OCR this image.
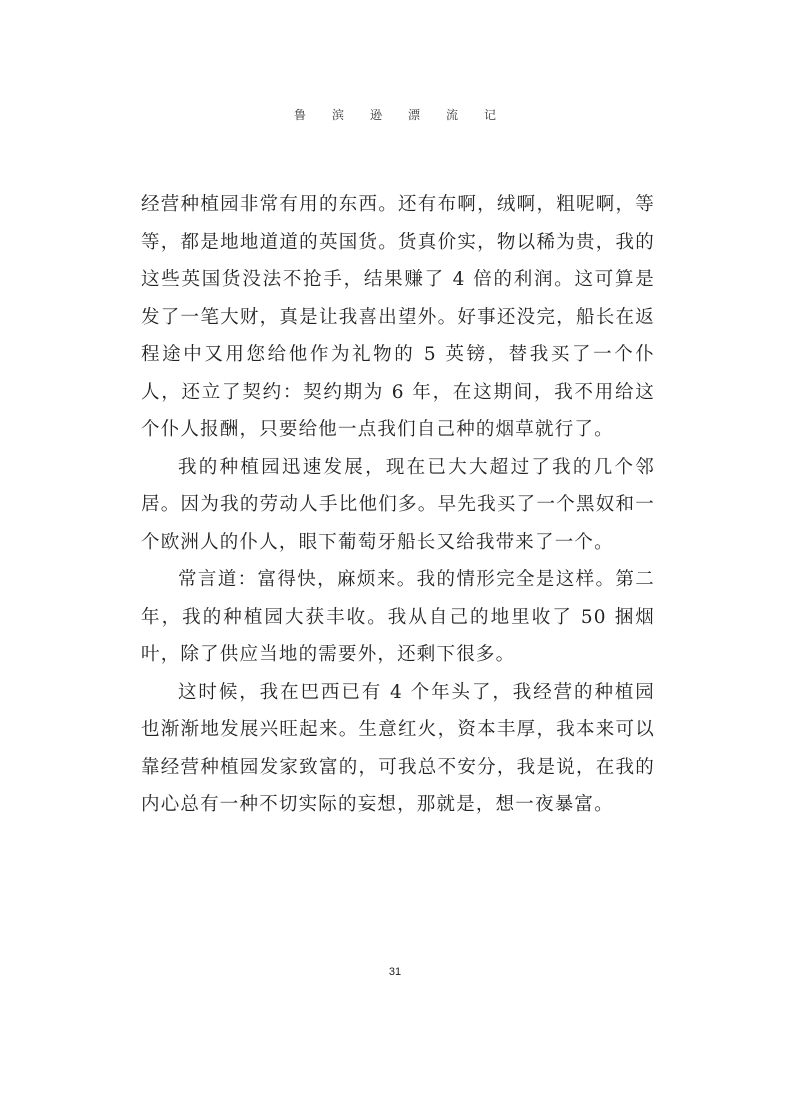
鲁滨逊漂流记

经营种植园非常有用的东西。还有布啊，绒啊，粗呢啊，等等，都是地地道道的英国货。货真价实，物以稀为贵，我的这些英国货没法不抢手，结果赚了 4 倍的利润。这可算是发了一笔大财，真是让我喜出望外。好事还没完，船长在返程途中又用您给他作为礼物的 5 英镑，替我买了一个仆人，还立了契约：契约期为 6 年，在这期间，我不用给这个仆人报酬，只要给他一点我们自己种的烟草就行了。

我的种植园迅速发展，现在已大大超过了我的几个邻居。因为我的劳动人手比他们多。早先我买了一个黑奴和一个欧洲人的仆人，眼下葡萄牙船长又给我带来了一个。

常言道：富得快，麻烦来。我的情形完全是这样。第二年，我的种植园大获丰收。我从自己的地里收了 50 捆烟叶，除了供应当地的需要外，还剩下很多。

这时候，我在巴西已有 4 个年头了，我经营的种植园也渐渐地发展兴旺起来。生意红火，资本丰厚，我本来可以靠经营种植园发家致富的，可我总不安分，我是说，在我的内心总有一种不切实际的妄想，那就是，想一夜暴富。

31
